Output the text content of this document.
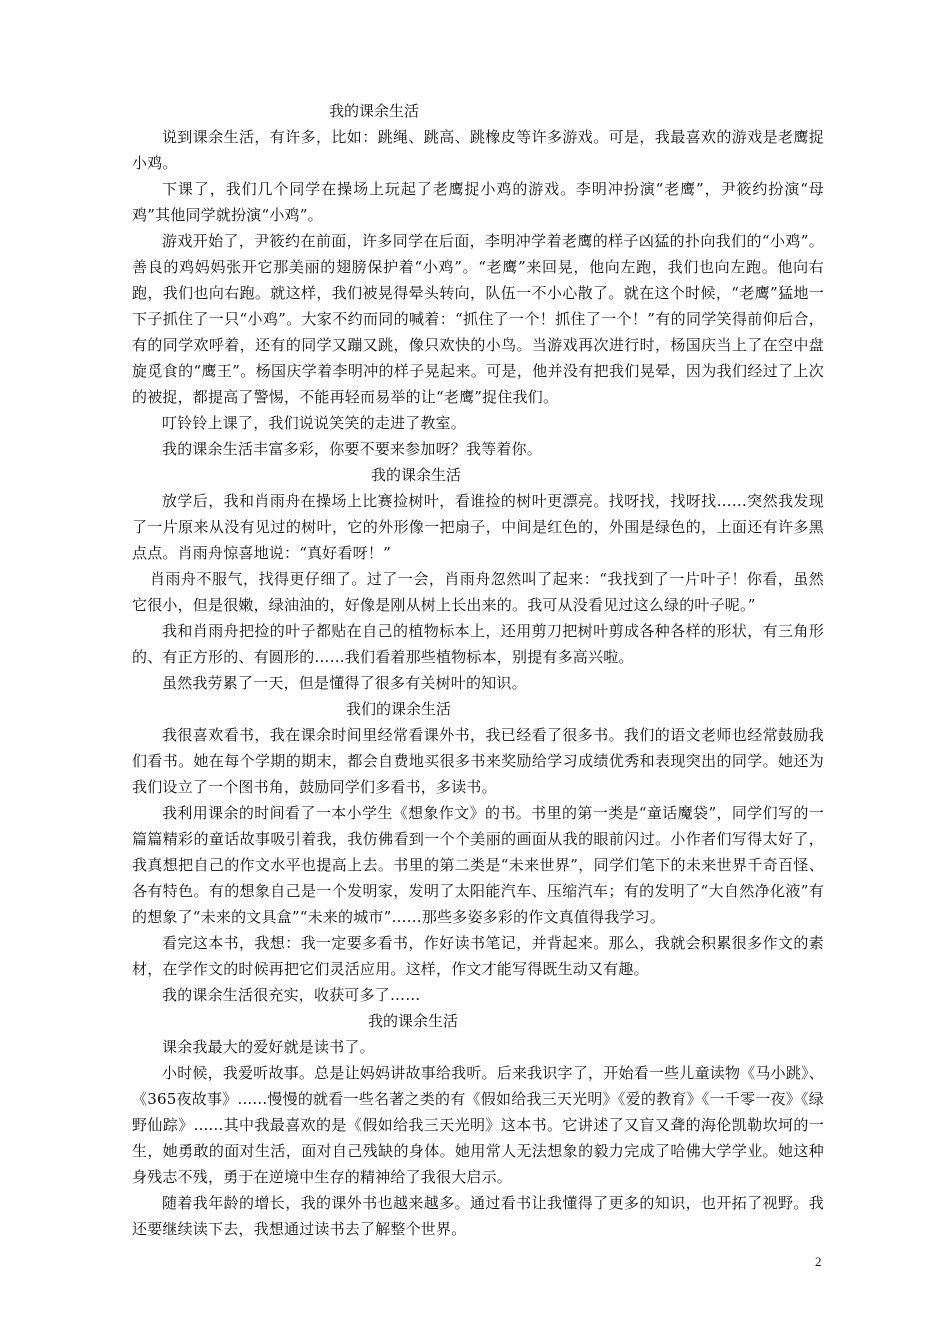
我的课余生活

说到课余生活，有许多，比如：跳绳、跳高、跳橡皮等许多游戏。可是，我最喜欢的游戏是老鹰捉小鸡。

下课了，我们几个同学在操场上玩起了老鹰捉小鸡的游戏。李明冲扮演“老鹰”，尹筱约扮演“母鸡”其他同学就扮演“小鸡”。

游戏开始了，尹筱约在前面，许多同学在后面，李明冲学着老鹰的样子凶猛的扑向我们的“小鸡”。善良的鸡妈妈张开它那美丽的翅膀保护着“小鸡”。“老鹰”来回晃，他向左跑，我们也向左跑。他向右跑，我们也向右跑。就这样，我们被晃得晕头转向，队伍一不小心散了。就在这个时候，“老鹰”猛地一下子抓住了一只“小鸡”。大家不约而同的喊着：“抓住了一个！抓住了一个！”有的同学笑得前仰后合，有的同学欢呼着，还有的同学又蹦又跳，像只欢快的小鸟。当游戏再次进行时，杨国庆当上了在空中盘旋觅食的“鹰王”。杨国庆学着李明冲的样子晃起来。可是，他并没有把我们晃晕，因为我们经过了上次的被捉，都提高了警惕，不能再轻而易举的让“老鹰”捉住我们。

叮铃铃上课了，我们说说笑笑的走进了教室。

我的课余生活丰富多彩，你要不要来参加呀？我等着你。

我的课余生活

放学后，我和肖雨舟在操场上比赛捡树叶，看谁捡的树叶更漂亮。找呀找，找呀找……突然我发现了一片原来从没有见过的树叶，它的外形像一把扇子，中间是红色的，外围是绿色的，上面还有许多黑点点。肖雨舟惊喜地说：“真好看呀！”

肖雨舟不服气，找得更仔细了。过了一会，肖雨舟忽然叫了起来：“我找到了一片叶子！你看，虽然它很小，但是很嫩，绿油油的，好像是刚从树上长出来的。我可从没看见过这么绿的叶子呢。”

我和肖雨舟把捡的叶子都贴在自己的植物标本上，还用剪刀把树叶剪成各种各样的形状，有三角形的、有正方形的、有圆形的……我们看着那些植物标本，别提有多高兴啦。

虽然我劳累了一天，但是懂得了很多有关树叶的知识。

我们的课余生活

我很喜欢看书，我在课余时间里经常看课外书，我已经看了很多书。我们的语文老师也经常鼓励我们看书。她在每个学期的期末，都会自费地买很多书来奖励给学习成绩优秀和表现突出的同学。她还为我们设立了一个图书角，鼓励同学们多看书，多读书。

我利用课余的时间看了一本小学生《想象作文》的书。书里的第一类是“童话魔袋”，同学们写的一篇篇精彩的童话故事吸引着我，我仿佛看到一个个美丽的画面从我的眼前闪过。小作者们写得太好了，我真想把自己的作文水平也提高上去。书里的第二类是“未来世界”，同学们笔下的未来世界千奇百怪、各有特色。有的想象自己是一个发明家，发明了太阳能汽车、压缩汽车；有的发明了“大自然净化液”有的想象了“未来的文具盒”“未来的城市”……那些多姿多彩的作文真值得我学习。

看完这本书，我想：我一定要多看书，作好读书笔记，并背起来。那么，我就会积累很多作文的素材，在学作文的时候再把它们灵活应用。这样，作文才能写得既生动又有趣。

我的课余生活很充实，收获可多了……

我的课余生活

课余我最大的爱好就是读书了。

小时候，我爱听故事。总是让妈妈讲故事给我听。后来我识字了，开始看一些儿童读物《马小跳》、《365夜故事》......慢慢的就看一些名著之类的有《假如给我三天光明》《爱的教育》《一千零一夜》《绿野仙踪》......其中我最喜欢的是《假如给我三天光明》这本书。它讲述了又盲又聋的海伦凯勒坎坷的一生，她勇敢的面对生活，面对自己残缺的身体。她用常人无法想象的毅力完成了哈佛大学学业。她这种身残志不残，勇于在逆境中生存的精神给了我很大启示。

随着我年龄的增长，我的课外书也越来越多。通过看书让我懂得了更多的知识，也开拓了视野。我还要继续读下去，我想通过读书去了解整个世界。

2
